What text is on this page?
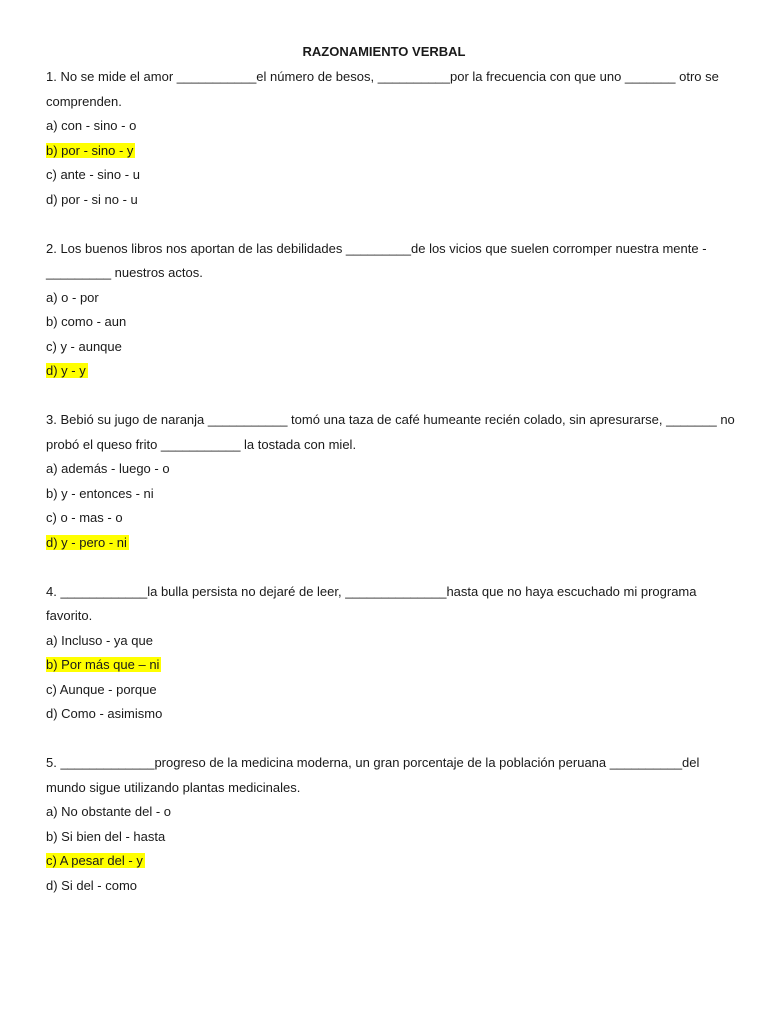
RAZONAMIENTO VERBAL
1. No se mide el amor ___________el número de besos, __________por la frecuencia con que uno _______ otro se
comprenden.
a) con - sino - o
b) por - sino - y
c) ante - sino - u
d) por - si no - u
2. Los buenos libros nos aportan de las debilidades _________de los vicios que suelen corromper nuestra mente -
_________ nuestros actos.
a) o - por
b) como - aun
c) y - aunque
d) y - y
3. Bebió su jugo de naranja ___________ tomó una taza de café humeante recién colado, sin apresurarse, _______ no
probó el queso frito ___________ la tostada con miel.
a) además - luego - o
b) y - entonces - ni
c) o - mas - o
d) y - pero - ni
4. ____________la bulla persista no dejaré de leer, ______________hasta que no haya escuchado mi programa
favorito.
a) Incluso - ya que
b) Por más que – ni
c) Aunque - porque
d) Como - asimismo
5. _____________progreso de la medicina moderna, un gran porcentaje de la población peruana __________del
mundo sigue utilizando plantas medicinales.
a) No obstante del - o
b) Si bien del - hasta
c) A pesar del - y
d) Si del - como
